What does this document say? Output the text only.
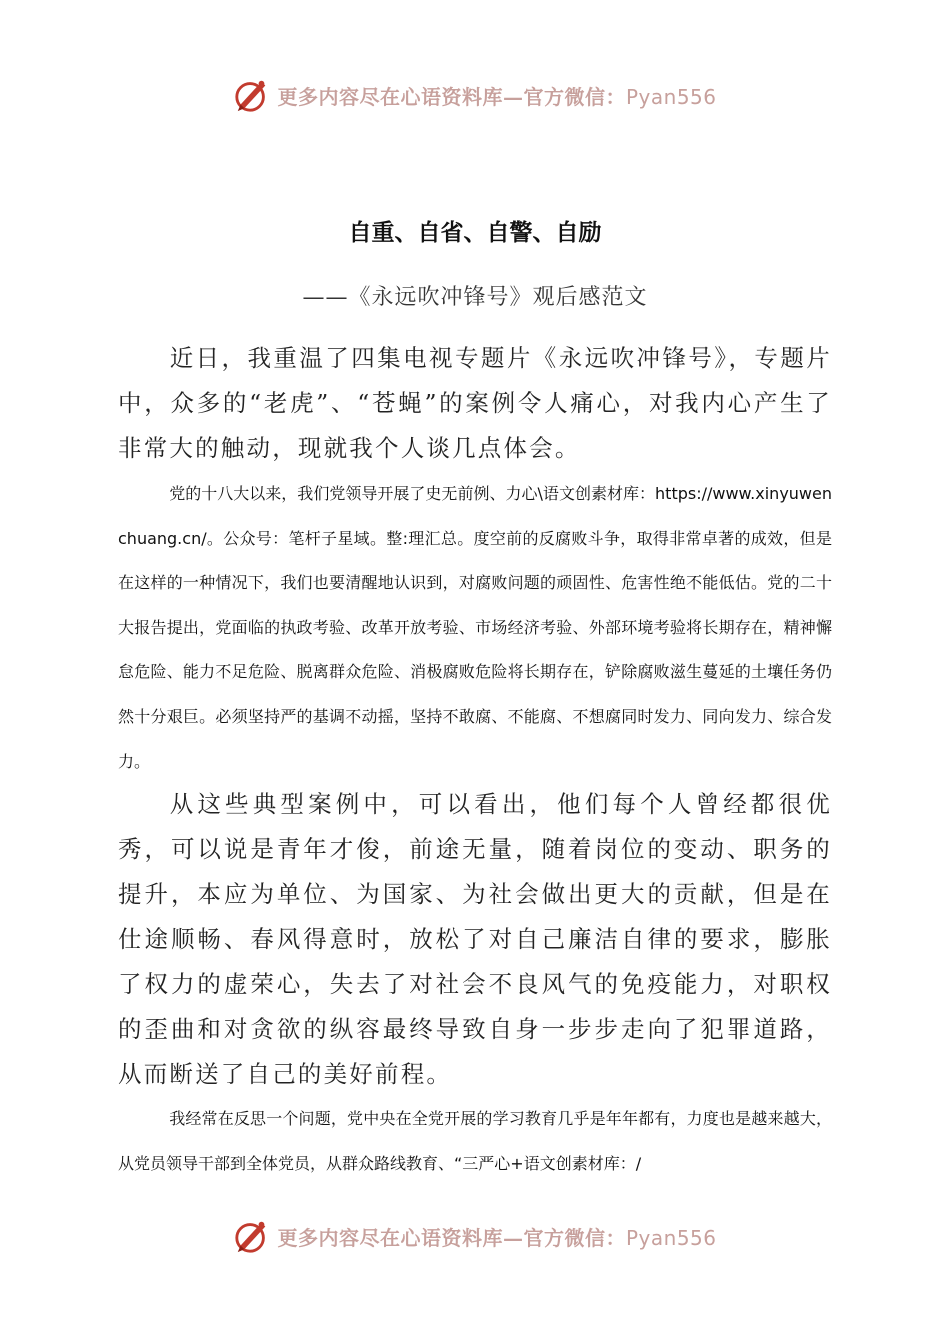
更多内容尽在心语资料库—官方微信：Pyan556
自重、自省、自警、自励
——《永远吹冲锋号》观后感范文

近日，我重温了四集电视专题片《永远吹冲锋号》，专题片中，众多的“老虎”、“苍蝇”的案例令人痛心，对我内心产生了非常大的触动，现就我个人谈几点体会。

党的十八大以来，我们党领导开展了史无前例、力心\语文创素材库：https://www.xinyuwenchuang.cn/。公众号：笔杆子星域。整:理汇总。度空前的反腐败斗争，取得非常卓著的成效，但是在这样的一种情况下，我们也要清醒地认识到，对腐败问题的顽固性、危害性绝不能低估。党的二十大报告提出，党面临的执政考验、改革开放考验、市场经济考验、外部环境考验将长期存在，精神懈怠危险、能力不足危险、脱离群众危险、消极腐败危险将长期存在，铲除腐败滋生蔓延的土壤任务仍然十分艰巨。必须坚持严的基调不动摇，坚持不敢腐、不能腐、不想腐同时发力、同向发力、综合发力。

从这些典型案例中，可以看出，他们每个人曾经都很优秀，可以说是青年才俊，前途无量，随着岗位的变动、职务的提升，本应为单位、为国家、为社会做出更大的贡献，但是在仕途顺畅、春风得意时，放松了对自己廉洁自律的要求，膨胀了权力的虚荣心，失去了对社会不良风气的免疫能力，对职权的歪曲和对贪欲的纵容最终导致自身一步步走向了犯罪道路，从而断送了自己的美好前程。

我经常在反思一个问题，党中央在全党开展的学习教育几乎是年年都有，力度也是越来越大，从党员领导干部到全体党员，从群众路线教育、“三严心+语文创素材库：/

更多内容尽在心语资料库—官方微信：Pyan556
